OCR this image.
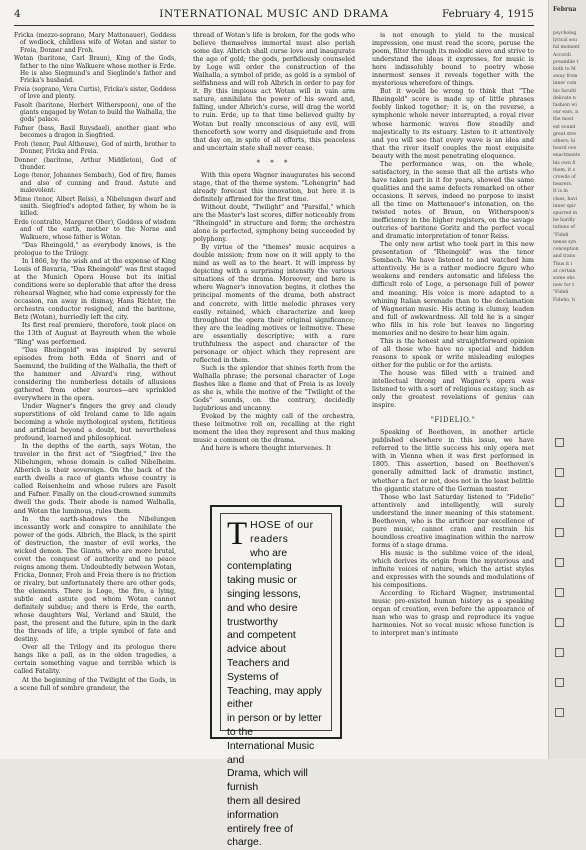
4	INTERNATIONAL MUSIC AND DRAMA	February 4, 1915

Fricka (mezzo-soprano, Mary Mattenauer), Goddess of wedlock, childless wife of Wotan and sister to Freia, Donner and Froh.

Wotan (baritone, Carl Braun), King of the Gods, father to the nine Walkuere whose mother is Erde. He is also Siegmund's and Sieglinde's father and Fricka's husband.

Freia (soprano, Vera Curtis), Fricka's sister, Goddess of love and plenty.

Fasolt (baritone, Herbert Witherspoon), one of the giants engaged by Wotan to build the Walhalla, the gods' palace.

Fafner (bass, Basil Ruysdael), another giant who becomes a dragon in Siegfried.

Froh (tenor, Paul Althouse), God of mirth, brother to Donner, Fricka and Freia.

Donner (baritone, Arthur Middleton), God of thunder.

Loge (tenor, Johannes Sembach), God of fire, flames and also of cunning and fraud. Astute and malevolent.

Mime (tenor, Albert Reiss), a Nibelungen dwarf and smith. Siegfried's adopted father, by whom he is killed.

Erde (contralto, Margaret Ober), Goddess of wisdom and of the earth, mother to the Norne and Walkuere, whose father is Wotan.

"Das Rheingold," as everybody knows, is the prologue to the Trilogy.

In 1866, by the wish and at the expense of King Louis of Bavaria, "Das Rheingold" was first staged at the Munich Opera House but its initial conditions were so deplorable that after the dress rehearsal Wagner, who had come expressly for the occasion, ran away in dismay, Hans Richter, the orchestra conductor resigned, and the baritone, Betz (Wotan), hurriedly left the city.

Its first real premiere, therefore, took place on the 13th of August at Bayreuth when the whole "Ring" was performed.

"Das Rheingold" was inspired by several episodes from both Edda of Snorri and of Saemund, the building of the Walhalla, the theft of the hammer and Alvard's ring, without considering the numberless details of allusions gathered from other sources—are sprinkled everywhere in the opera.

Under Wagner's fingers the grey and cloudy superstitions of old Ireland came to life again becoming a whole mythological system, fictitious and artificial beyond a doubt, but nevertheless profound, learned and philosophical.

In the depths of the earth, says Wotan, the traveler in the first act of "Siegfried," live the Nibelungen, whose domain is called Nibelheim. Alberich is their sovereign. On the back of the earth dwells a race of giants whose country is called Reisenheim and whose rulers are Fasolt and Fafner. Finally on the cloud-crowned summits dwell the gods. Their abode is named Walhalla, and Wotan the luminous, rules them.

In the earth-shadows the Nibelungen incessantly work and conspire to annihilate the power of the gods. Albrich, the Black, is the spirit of destruction, the master of evil works, the wicked demon. The Giants, who are more brutal, covet the conquest of authority and no peace reigns among them. Undoubtedly between Wotan, Fricka, Donner, Froh and Freia there is no friction or rivalry, but unfortunately there are other gods, the elements. There is Loge, the fire, a lying, subtle and astute god whom Wotan cannot definitely subdue; and there is Erde, the earth, whose daughters Wal, Verland and Skuld, the past, the present and the future, spin in the dark the threads of life, a triple symbol of fate and destiny.

Over all the Trilogy and its prologue there hangs like a pall, as in the olden tragedies, a certain something vague and terrible which is called Fatality.

At the beginning of the Twilight of the Gods, in a scene full of sombre grandeur, the

thread of Wotan's life is broken, for the gods who believe themselves immortal must also perish some day. Albrich shall curse love and inaugurate the age of gold; the gods, perfidiously counseled by Loge will order the construction of the Walhalla, a symbol of pride, as gold is a symbol of selfishness and will rob Albrich in order to pay for it. By this impious act Wotan will in vain arm nature, annihilate the power of his sword and, falling, under Albrich's curse, will drag the world to ruin. Erde, up to that time believed guilty by Wotan but really unconscious of any evil, will thenceforth sow worry and disquietude and from that day on, in spite of all efforts, this peaceless and uncertain state shall never cease.

* * *

With this opera Wagner inaugurates his second stage, that of the theme system. "Lohengrin" had already forecast this innovation, but here it is definitely affirmed for the first time.

Without doubt, "Twilight" and "Parsifal," which are the Master's last scores, differ noticeably from "Rheingold" in structure and form; the orchestra alone is perfected, symphony being succeeded by polyphony.

By virtue of the "themes" music acquires a double mission; from now on it will apply to the mind as well as to the heart. It will impress by depicting with a surprising intensity the various situations of the drama. Moreover, and here is where Wagner's innovation begins, it clothes the principal moments of the drama, both abstract and concrete, with little melodic phrases very easily retained, which characterize and keep throughout the opera their original significance; they are the leading motives or leitmotive. These are essentially descriptive; with a rare truthfulness the aspect and character of the personage or object which they represent are reflected in them.

Such is the splendor that shines forth from the Walhalla phrase; the personal character of Loge flashes like a flame and that of Freia is as lovely as she is, while the motive of the "Twilight of the Gods" sounds, on the contrary, decidedly lugubrious and uncanny.

Evoked by the mighty call of the orchestra, these leitmotive roll on, recalling at the right moment the idea they represent and thus making music a comment on the drama.

And here is where thought intervenes. It

is not enough to yield to the musical impression, one must read the score, peruse the poem, filter through its melodic sieve and strive to understand the ideas it expresses, for music is here indissolubly bound to poetry whose innermost senses it reveals together with the mysterious wherefore of things.

But it would be wrong to think that "The Rheingold" score is made up of little phrases feebly linked together; it is, on the reverse, a symphonic whole never interrupted, a royal river whose harmonic waves flow steadily and majestically to its estuary. Listen to it attentively and you will see that every wave is an idea and that the river itself couples the most exquisite beauty with the most penetrating eloquence.

The performance was, on the whole, satisfactory, in the sense that all the artists who have taken part in it for years, showed the same qualities and the same defects remarked on other occasions. It serves, indeed no purpose to insist all the time on Mattenauer's intonation, on the twisted notes of Braun, on Witherspoon's inefficiency in the higher registers, on the savage outcries of baritone Goritz and the perfect vocal and dramatic interpretation of tenor Reiss.

The only new artist who took part in this new presentation of "Rheingold" was the tenor Sembach. We have listened to and watched him attentively. He is a rather mediocre figure who weakens and renders automatic and lifeless the difficult role of Loge, a personage full of power and meaning. His voice is more adapted to a whining Italian serenade than to the declamation of Wagnerian music. His acting is clumsy, leaden and full of awkwardness. All told he is a singer who fills in his role but leaves no lingering memories and no desire to hear him again.

This is the honest and straightforward opinion of all those who have no special and hidden reasons to speak or write misleading eulogies either for the public or for the artists.

The house was filled with a trained and intellectual throng and Wagner's opera was listened to with a sort of religious ecstasy, such as only the greatest revelations of genius can inspire.

"FIDELIO."

Speaking of Beethoven, in another article published elsewhere in this issue, we have referred to the little success his only opera met with in Vienna when it was first performed in 1805. This assertion, based on Beethoven's generally admitted lack of dramatic instinct, whether a fact or not, does not in the least belittle the gigantic stature of the German master.

Those who last Saturday listened to "Fidelio" attentively and intelligently, will surely understand the inner meaning of this statement. Beethoven, who is the artificer par excellence of pure music, cannot cram and restrain his boundless creative imagination within the narrow forms of a stage drama.

His music is the sublime voice of the ideal, which derives its origin from the mysterious and infinite voices of nature, which the artist styles and expresses with the sounds and modulations of his compositions.

According to Richard Wagner, instrumental music pre-existed human history as a speaking organ of creation, even before the appearance of man who was to grasp and reproduce its vague harmonies. Not so vocal music whose function is to interpret man's intimate

T HOSE of our readers
who are contemplating
taking music or singing lessons,
and who desire trustworthy
and competent advice about
Teachers and Systems of
Teaching, may apply either
in person or by letter to the
International Music and
Drama, which will furnish
them all desired information
entirely free of charge.
Februa
psycholog
lyrical sou
ful moment
Accordi
preamble t
both to M
away from
inner com
his faculti
delicate n
fashion wi
our ears, n
the most
est sound
great stre
others; hi
heard ove
enactments
his own fi
them, it s
crowds of
hearers.
It is in
class, havi
inner spir
spurred m
he hardly
tations of
"Fideli
nense syn
conception
and trans
Thus it i
at certain
some obs
new for t
"Fideli
Fidelio, b
